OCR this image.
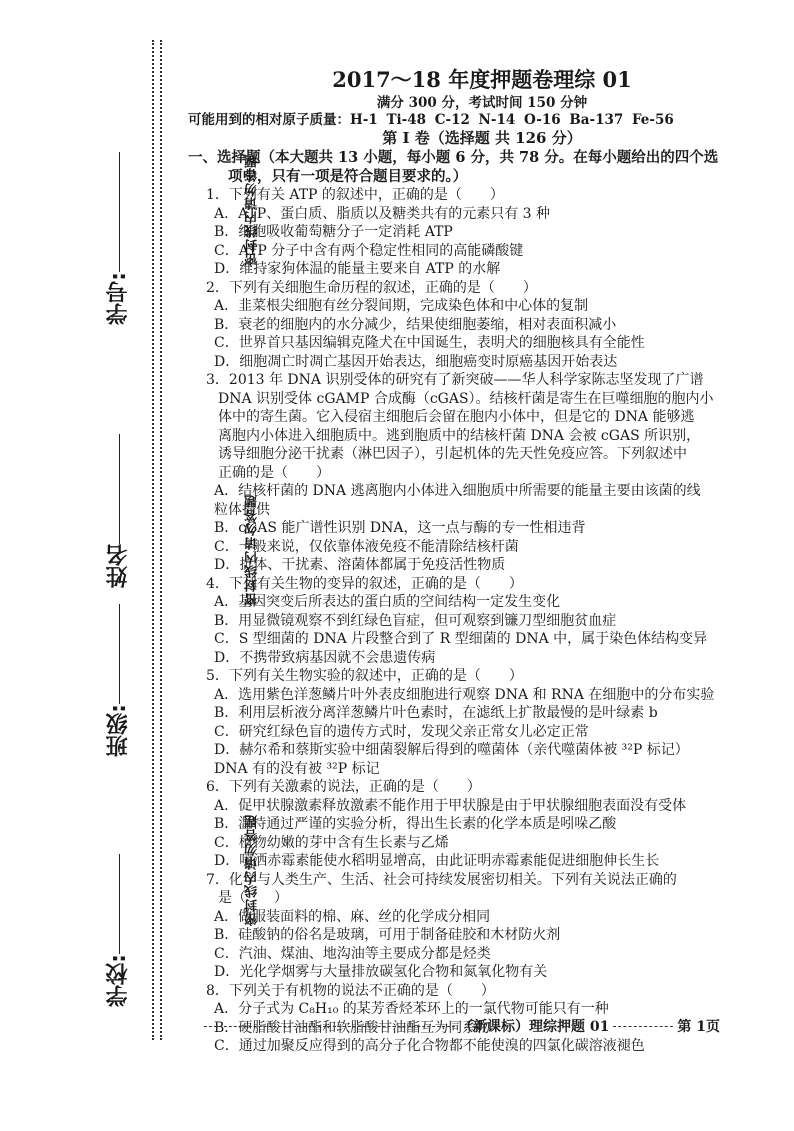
学号:
姓名
班级:
学校:
密封线内请勿答题
密封线内请勿答题
密封线内请勿答题
2017～18 年度押题卷理综 01
满分 300 分，考试时间 150 分钟
可能用到的相对原子质量：H-1 Ti-48 C-12 N-14 O-16 Ba-137 Fe-56
第 I 卷（选择题 共 126 分）
一、选择题（本大题共 13 小题，每小题 6 分，共 78 分。在每小题给出的四个选
项中，只有一项是符合题目要求的。）
1．下列有关 ATP 的叙述中，正确的是（　　）
A．ATP、蛋白质、脂质以及糖类共有的元素只有 3 种
B．细胞吸收葡萄糖分子一定消耗 ATP
C．ATP 分子中含有两个稳定性相同的高能磷酸键
D．维持家狗体温的能量主要来自 ATP 的水解
2．下列有关细胞生命历程的叙述，正确的是（　　）
A．韭菜根尖细胞有丝分裂间期，完成染色体和中心体的复制
B．衰老的细胞内的水分减少，结果使细胞萎缩，相对表面积减小
C．世界首只基因编辑克隆犬在中国诞生，表明犬的细胞核具有全能性
D．细胞凋亡时凋亡基因开始表达，细胞癌变时原癌基因开始表达
3．2013 年 DNA 识别受体的研究有了新突破——华人科学家陈志坚发现了广谱
DNA 识别受体 cGAMP 合成酶（cGAS）。结核杆菌是寄生在巨噬细胞的胞内小
体中的寄生菌。它入侵宿主细胞后会留在胞内小体中，但是它的 DNA 能够逃
离胞内小体进入细胞质中。逃到胞质中的结核杆菌 DNA 会被 cGAS 所识别，
诱导细胞分泌干扰素（淋巴因子），引起机体的先天性免疫应答。下列叙述中
正确的是（　　）
A．结核杆菌的 DNA 逃离胞内小体进入细胞质中所需要的能量主要由该菌的线
粒体提供
B．cGAS 能广谱性识别 DNA，这一点与酶的专一性相违背
C．一般来说，仅依靠体液免疫不能清除结核杆菌
D．抗体、干扰素、溶菌体都属于免疫活性物质
4．下列有关生物的变异的叙述，正确的是（　　）
A．基因突变后所表达的蛋白质的空间结构一定发生变化
B．用显微镜观察不到红绿色盲症，但可观察到镰刀型细胞贫血症
C．S 型细菌的 DNA 片段整合到了 R 型细菌的 DNA 中，属于染色体结构变异
D．不携带致病基因就不会患遗传病
5．下列有关生物实验的叙述中，正确的是（　　）
A．选用紫色洋葱鳞片叶外表皮细胞进行观察 DNA 和 RNA 在细胞中的分布实验
B．利用层析液分离洋葱鳞片叶色素时，在滤纸上扩散最慢的是叶绿素 b
C．研究红绿色盲的遗传方式时，发现父亲正常女儿必定正常
D．赫尔希和蔡斯实验中细菌裂解后得到的噬菌体（亲代噬菌体被 ³²P 标记）
DNA 有的没有被 ³²P 标记
6．下列有关激素的说法，正确的是（　　）
A．促甲状腺激素释放激素不能作用于甲状腺是由于甲状腺细胞表面没有受体
B．温特通过严谨的实验分析，得出生长素的化学本质是吲哚乙酸
C．植物幼嫩的芽中含有生长素与乙烯
D．喷洒赤霉素能使水稻明显增高，由此证明赤霉素能促进细胞伸长生长
7．化学与人类生产、生活、社会可持续发展密切相关。下列有关说法正确的
是（　　）
A．做服装面料的棉、麻、丝的化学成分相同
B．硅酸钠的俗名是玻璃，可用于制备硅胶和木材防火剂
C．汽油、煤油、地沟油等主要成分都是烃类
D．光化学烟雾与大量排放碳氢化合物和氮氧化物有关
8．下列关于有机物的说法不正确的是（　　）
A．分子式为 C₈H₁₀ 的某芳香烃苯环上的一氯代物可能只有一种
B．硬脂酸甘油酯和软脂酸甘油酯互为同系物
C．通过加聚反应得到的高分子化合物都不能使溴的四氯化碳溶液褪色
（新课标）理综押题 01	第 1页
